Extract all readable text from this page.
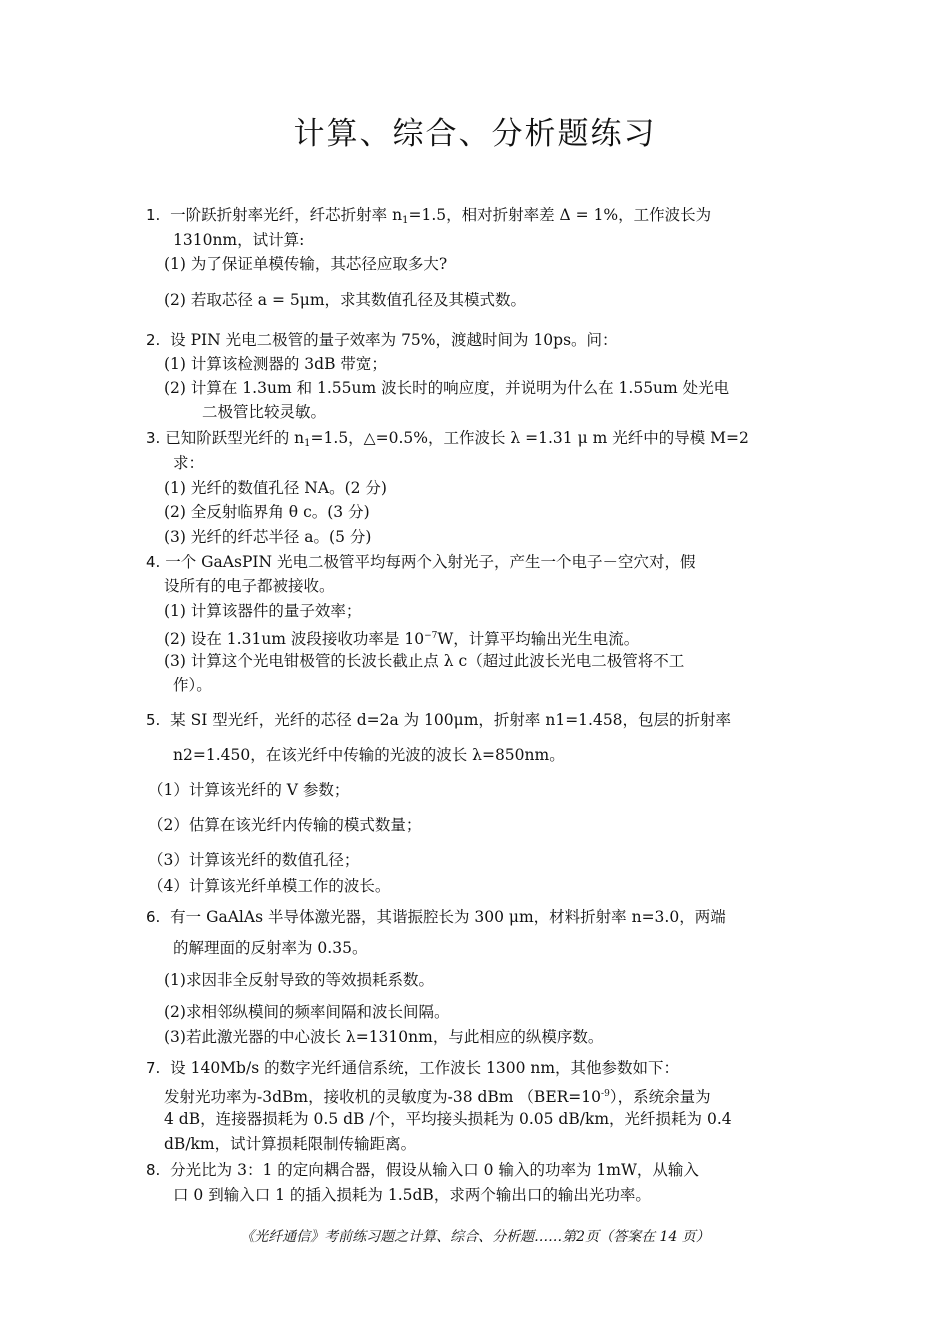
计算、综合、分析题练习
1. 一阶跃折射率光纤，纤芯折射率 $n_1=1.5$，相对折射率差 Δ = 1%，工作波长为
1310nm，试计算:
(1) 为了保证单模传输，其芯径应取多大?
(2) 若取芯径 a = 5μm，求其数值孔径及其模式数。
2. 设 PIN 光电二极管的量子效率为 75%，渡越时间为 10ps。问：
(1) 计算该检测器的 3dB 带宽；
(2) 计算在 1.3um 和 1.55um 波长时的响应度，并说明为什么在 1.55um 处光电
二极管比较灵敏。
3. 已知阶跃型光纤的 $n_1=1.5$，△=0.5%，工作波长 λ =1.31 μ m 光纤中的导模 M=2
求：
(1) 光纤的数值孔径 NA。(2 分)
(2) 全反射临界角 θ c。(3 分)
(3) 光纤的纤芯半径 a。(5 分)
4. 一个 GaAsPIN 光电二极管平均每两个入射光子，产生一个电子－空穴对，假
设所有的电子都被接收。
(1) 计算该器件的量子效率；
(2) 设在 1.31um 波段接收功率是 $10^{-7}W$，计算平均输出光生电流。
(3) 计算这个光电钳极管的长波长截止点 λ c（超过此波长光电二极管将不工
作）。
5. 某 SI 型光纤，光纤的芯径 d=2a 为 100μm，折射率 n1=1.458，包层的折射率
n2=1.450，在该光纤中传输的光波的波长 λ=850nm。
（1）计算该光纤的 V 参数；
（2）估算在该光纤内传输的模式数量；
（3）计算该光纤的数值孔径；
（4）计算该光纤单模工作的波长。
6. 有一 GaAlAs 半导体激光器，其谐振腔长为 300 μm，材料折射率 n=3.0，两端
的解理面的反射率为 0.35。
(1)求因非全反射导致的等效损耗系数。
(2)求相邻纵模间的频率间隔和波长间隔。
(3)若此激光器的中心波长 λ=1310nm，与此相应的纵模序数。
7. 设 140Mb/s 的数字光纤通信系统，工作波长 1300 nm，其他参数如下：
发射光功率为-3dBm，接收机的灵敏度为-38 dBm $(BER=10^{-9})$，系统余量为
4 dB，连接器损耗为 0.5 dB /个，平均接头损耗为 0.05 dB/km，光纤损耗为 0.4
dB/km，试计算损耗限制传输距离。
8. 分光比为 3：1 的定向耦合器，假设从输入口 0 输入的功率为 1mW，从输入
口 0 到输入口 1 的插入损耗为 1.5dB，求两个输出口的输出光功率。
《光纤通信》考前练习题之计算、综合、分析题……第2页（答案在 14 页）
